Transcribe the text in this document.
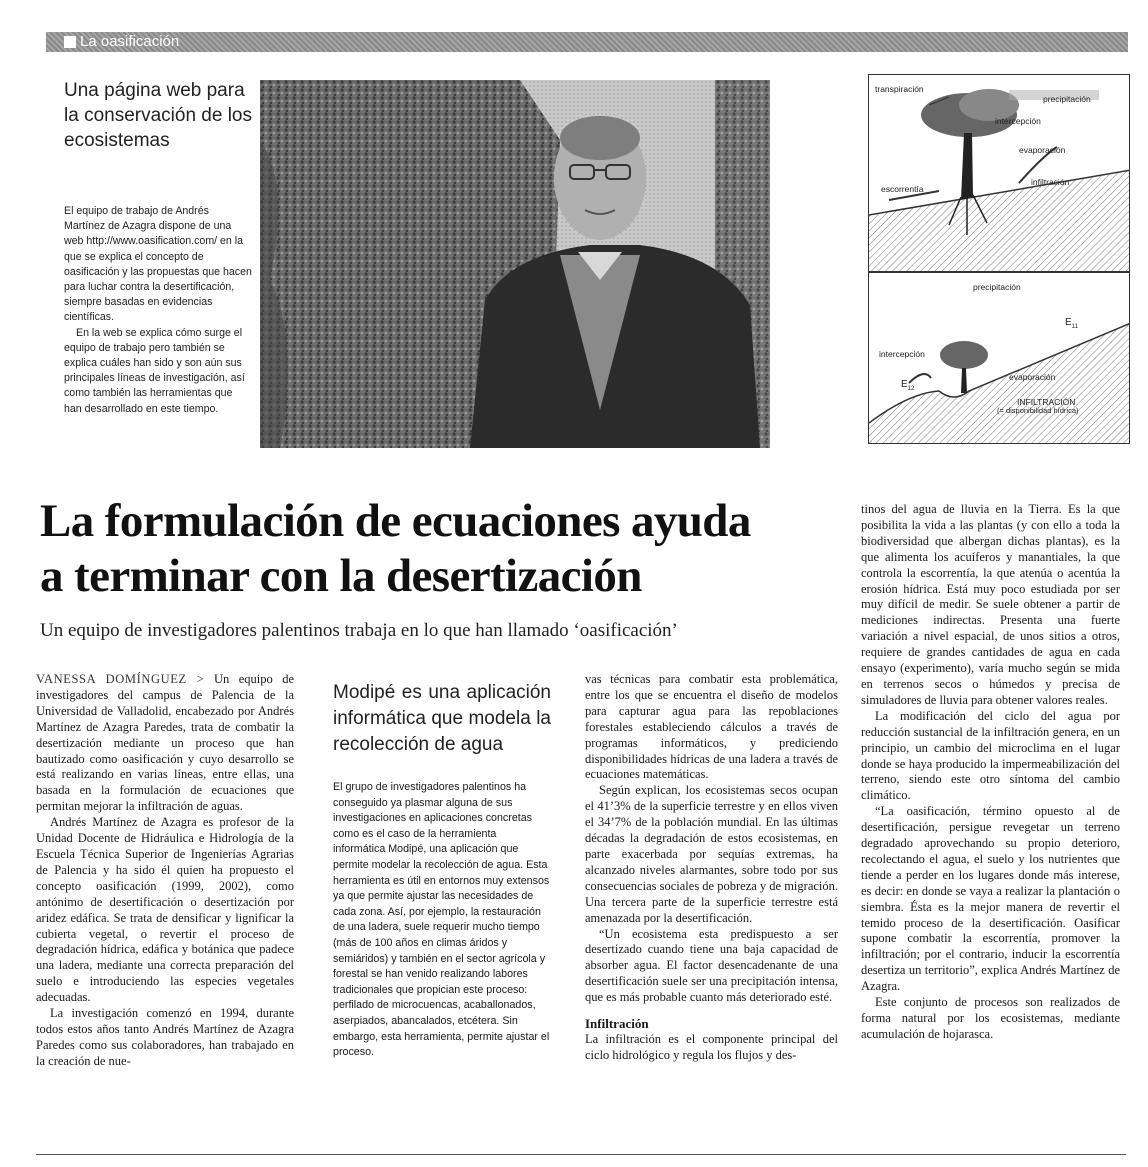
La oasificación
Una página web para la conservación de los ecosistemas

El equipo de trabajo de Andrés Martínez de Azagra dispone de una web http://www.oasification.com/ en la que se explica el concepto de oasificación y las propuestas que hacen para luchar contra la desertificación, siempre basadas en evidencias científicas.

En la web se explica cómo surge el equipo de trabajo pero también se explica cuáles han sido y son aún sus principales líneas de investigación, así como también las herramientas que han desarrollado en este tiempo.

transpiración
precipitación
intercepción
evaporación
escorrentía
infiltración
precipitación
$E_{11}$
intercepción
$E_{12}$
evaporación
INFILTRACIÓN
(= disponibilidad hídrica)
La formulación de ecuaciones ayuda
a terminar con la desertización
Un equipo de investigadores palentinos trabaja en lo que han llamado ‘oasificación’

VANESSA DOMÍNGUEZ > Un equipo de investigadores del campus de Palencia de la Universidad de Valladolid, encabezado por Andrés Martínez de Azagra Paredes, trata de combatir la desertización mediante un proceso que han bautizado como oasificación y cuyo desarrollo se está realizando en varias líneas, entre ellas, una basada en la formulación de ecuaciones que permitan mejorar la infiltración de aguas.

Andrés Martínez de Azagra es profesor de la Unidad Docente de Hidráulica e Hidrología de la Escuela Técnica Superior de Ingenierías Agrarias de Palencia y ha sido él quien ha propuesto el concepto oasificación (1999, 2002), como antónimo de desertificación o desertización por aridez edáfica. Se trata de densificar y lignificar la cubierta vegetal, o revertir el proceso de degradación hídrica, edáfica y botánica que padece una ladera, mediante una correcta preparación del suelo e introduciendo las especies vegetales adecuadas.

La investigación comenzó en 1994, durante todos estos años tanto Andrés Martínez de Azagra Paredes como sus colaboradores, han trabajado en la creación de nue-

Modipé es una aplicación informática que modela la recolección de agua

El grupo de investigadores palentinos ha conseguido ya plasmar alguna de sus investigaciones en aplicaciones concretas como es el caso de la herramienta informática Modipé, una aplicación que permite modelar la recolección de agua. Esta herramienta es útil en entornos muy extensos ya que permite ajustar las necesidades de cada zona. Así, por ejemplo, la restauración de una ladera, suele requerir mucho tiempo (más de 100 años en climas áridos y semiáridos) y también en el sector agrícola y forestal se han venido realizando labores tradicionales que propician este proceso: perfilado de microcuencas, acaballonados, aserpiados, abancalados, etcétera. Sin embargo, esta herramienta, permite ajustar el proceso.

vas técnicas para combatir esta problemática, entre los que se encuentra el diseño de modelos para capturar agua para las repoblaciones forestales estableciendo cálculos a través de programas informáticos, y prediciendo disponibilidades hídricas de una ladera a través de ecuaciones matemáticas.

Según explican, los ecosistemas secos ocupan el 41’3% de la superficie terrestre y en ellos viven el 34’7% de la población mundial. En las últimas décadas la degradación de estos ecosistemas, en parte exacerbada por sequías extremas, ha alcanzado niveles alarmantes, sobre todo por sus consecuencias sociales de pobreza y de migración. Una tercera parte de la superficie terrestre está amenazada por la desertificación.

“Un ecosistema esta predispuesto a ser desertizado cuando tiene una baja capacidad de absorber agua. El factor desencadenante de una desertificación suele ser una precipitación intensa, que es más probable cuanto más deteriorado esté.

Infiltración

La infiltración es el componente principal del ciclo hidrológico y regula los flujos y des-

tinos del agua de lluvia en la Tierra. Es la que posibilita la vida a las plantas (y con ello a toda la biodiversidad que albergan dichas plantas), es la que alimenta los acuíferos y manantiales, la que controla la escorrentía, la que atenúa o acentúa la erosión hídrica. Está muy poco estudiada por ser muy difícil de medir. Se suele obtener a partir de mediciones indirectas. Presenta una fuerte variación a nivel espacial, de unos sitios a otros, requiere de grandes cantidades de agua en cada ensayo (experimento), varía mucho según se mida en terrenos secos o húmedos y precisa de simuladores de lluvia para obtener valores reales.

La modificación del ciclo del agua por reducción sustancial de la infiltración genera, en un principio, un cambio del microclima en el lugar donde se haya producido la impermeabilización del terreno, siendo este otro síntoma del cambio climático.

“La oasificación, término opuesto al de desertificación, persigue revegetar un terreno degradado aprovechando su propio deterioro, recolectando el agua, el suelo y los nutrientes que tiende a perder en los lugares donde más interese, es decir: en donde se vaya a realizar la plantación o siembra. Ésta es la mejor manera de revertir el temido proceso de la desertificación. Oasificar supone combatir la escorrentía, promover la infiltración; por el contrario, inducir la escorrentía desertiza un territorio”, explica Andrés Martínez de Azagra.

Este conjunto de procesos son realizados de forma natural por los ecosistemas, mediante acumulación de hojarasca.
